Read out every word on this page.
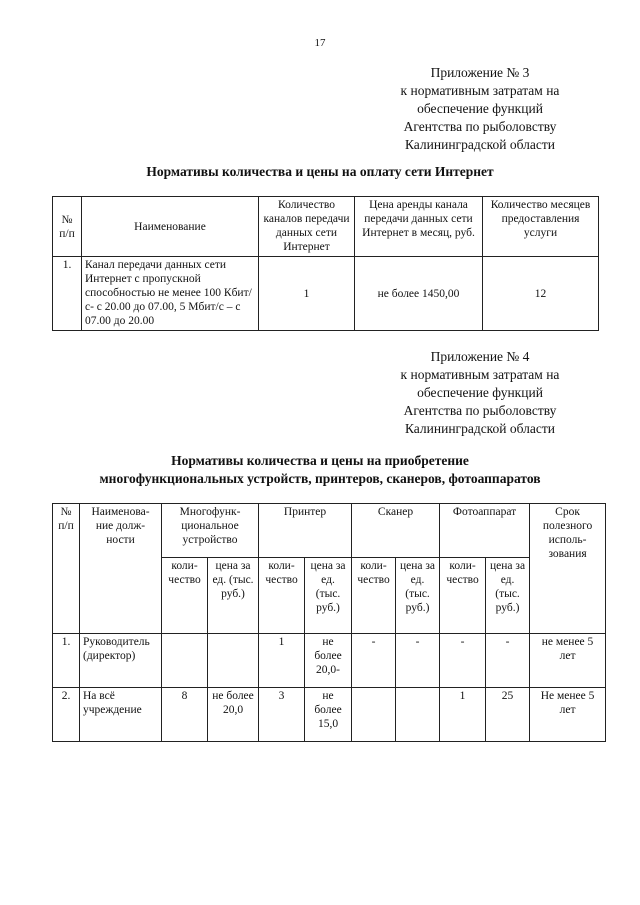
17
Приложение № 3
к нормативным затратам на
обеспечение функций
Агентства по рыболовству
Калининградской области
Нормативы количества и цены на оплату сети Интернет
№ п/п	Наименование	Количество каналов передачи данных сети Интернет	Цена аренды канала передачи данных сети Интернет в месяц, руб.	Количество месяцев предоставления услуги
1.	Канал передачи данных сети Интернет с пропускной способностью не менее 100 Кбит/с- с 20.00 до 07.00, 5 Мбит/с – с 07.00 до 20.00	1	не более 1450,00	12
Приложение № 4
к нормативным затратам на
обеспечение функций
Агентства по рыболовству
Калининградской области
Нормативы количества и цены на приобретение
многофункциональных устройств, принтеров, сканеров, фотоаппаратов
№ п/п	Наименова-ние долж-ности	Многофунк-циональное устройство		Принтер		Сканер		Фотоаппарат		Срок полезного исполь-зования
		коли-чество	цена за ед. (тыс. руб.)	коли-чество	цена за ед. (тыс. руб.)	коли-чество	цена за ед. (тыс. руб.)	коли-чество	цена за ед. (тыс. руб.)	
1.	Руководитель (директор)			1	не более 20,0-	-	-	-	-	не менее 5 лет
2.	На всё учреждение	8	не более 20,0	3	не более 15,0			1	25	Не менее 5 лет
